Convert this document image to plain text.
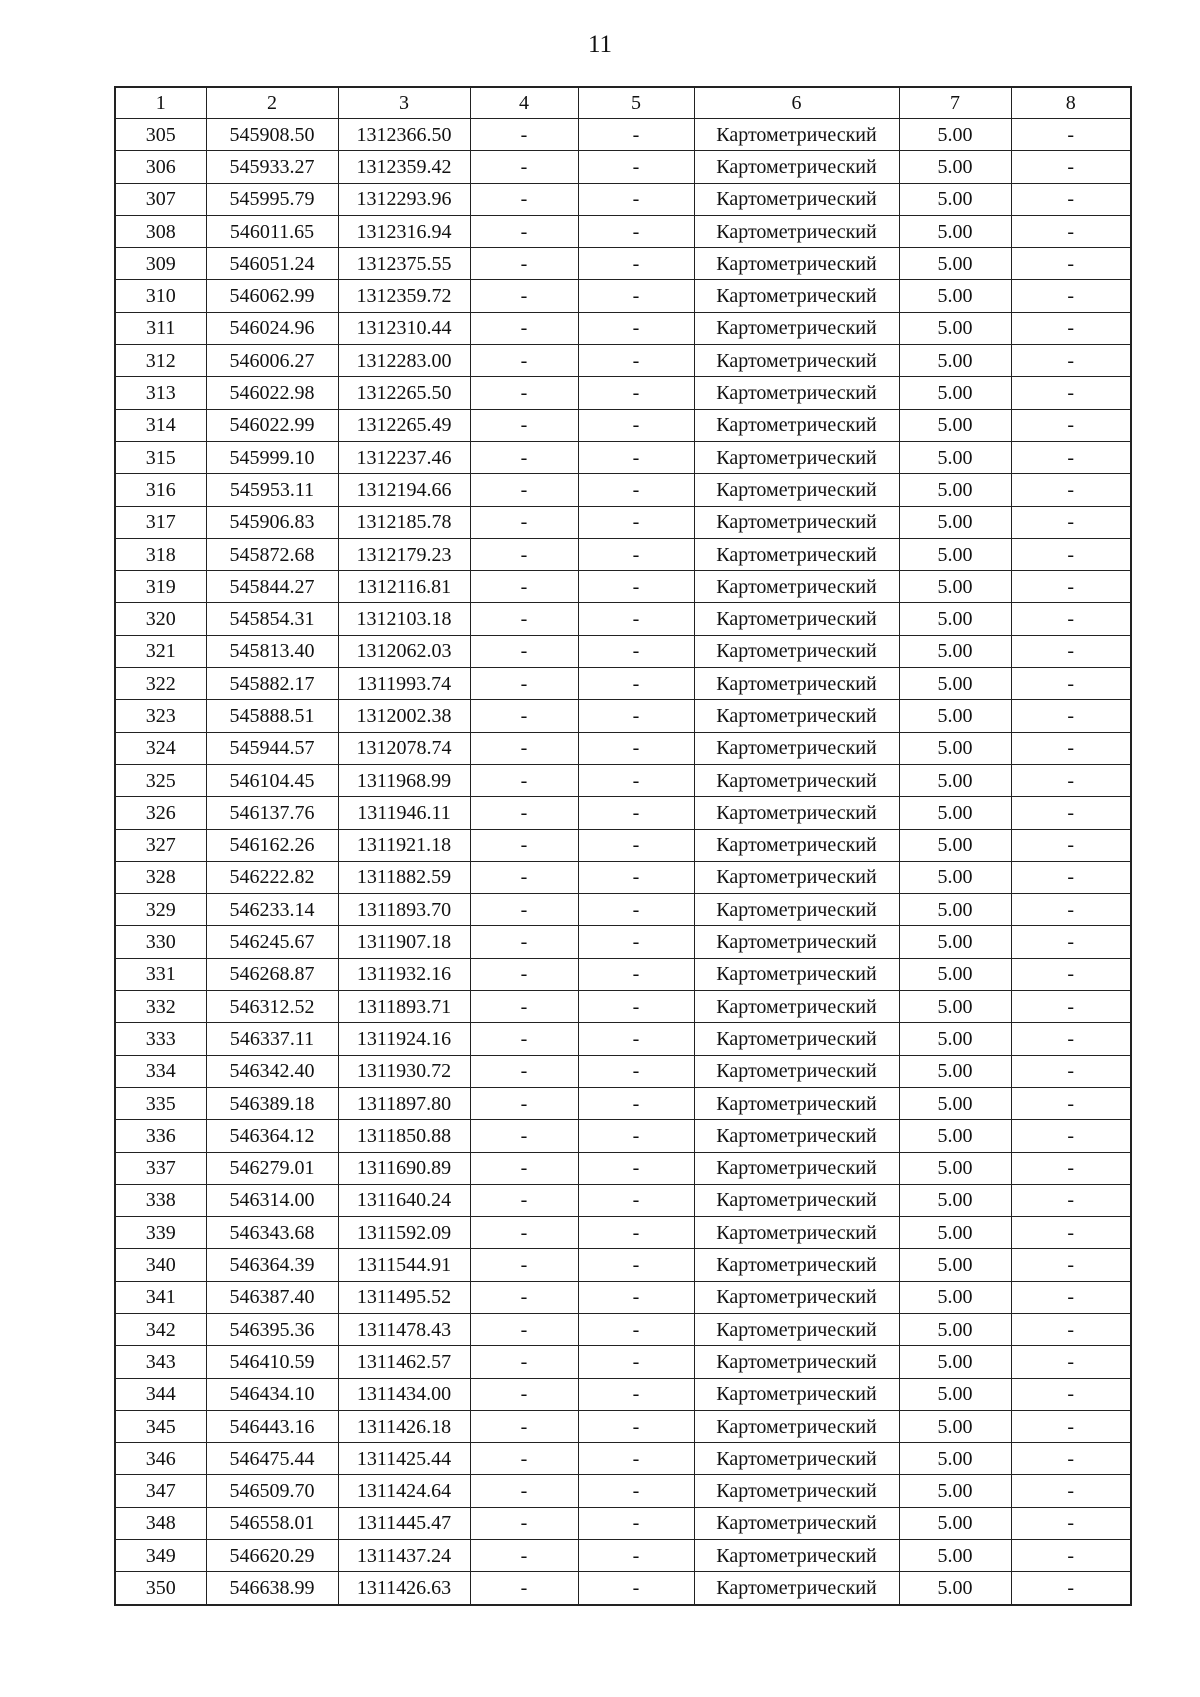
11
1	2	3	4	5	6	7	8
305	545908.50	1312366.50	-	-	Картометрический	5.00	-
306	545933.27	1312359.42	-	-	Картометрический	5.00	-
307	545995.79	1312293.96	-	-	Картометрический	5.00	-
308	546011.65	1312316.94	-	-	Картометрический	5.00	-
309	546051.24	1312375.55	-	-	Картометрический	5.00	-
310	546062.99	1312359.72	-	-	Картометрический	5.00	-
311	546024.96	1312310.44	-	-	Картометрический	5.00	-
312	546006.27	1312283.00	-	-	Картометрический	5.00	-
313	546022.98	1312265.50	-	-	Картометрический	5.00	-
314	546022.99	1312265.49	-	-	Картометрический	5.00	-
315	545999.10	1312237.46	-	-	Картометрический	5.00	-
316	545953.11	1312194.66	-	-	Картометрический	5.00	-
317	545906.83	1312185.78	-	-	Картометрический	5.00	-
318	545872.68	1312179.23	-	-	Картометрический	5.00	-
319	545844.27	1312116.81	-	-	Картометрический	5.00	-
320	545854.31	1312103.18	-	-	Картометрический	5.00	-
321	545813.40	1312062.03	-	-	Картометрический	5.00	-
322	545882.17	1311993.74	-	-	Картометрический	5.00	-
323	545888.51	1312002.38	-	-	Картометрический	5.00	-
324	545944.57	1312078.74	-	-	Картометрический	5.00	-
325	546104.45	1311968.99	-	-	Картометрический	5.00	-
326	546137.76	1311946.11	-	-	Картометрический	5.00	-
327	546162.26	1311921.18	-	-	Картометрический	5.00	-
328	546222.82	1311882.59	-	-	Картометрический	5.00	-
329	546233.14	1311893.70	-	-	Картометрический	5.00	-
330	546245.67	1311907.18	-	-	Картометрический	5.00	-
331	546268.87	1311932.16	-	-	Картометрический	5.00	-
332	546312.52	1311893.71	-	-	Картометрический	5.00	-
333	546337.11	1311924.16	-	-	Картометрический	5.00	-
334	546342.40	1311930.72	-	-	Картометрический	5.00	-
335	546389.18	1311897.80	-	-	Картометрический	5.00	-
336	546364.12	1311850.88	-	-	Картометрический	5.00	-
337	546279.01	1311690.89	-	-	Картометрический	5.00	-
338	546314.00	1311640.24	-	-	Картометрический	5.00	-
339	546343.68	1311592.09	-	-	Картометрический	5.00	-
340	546364.39	1311544.91	-	-	Картометрический	5.00	-
341	546387.40	1311495.52	-	-	Картометрический	5.00	-
342	546395.36	1311478.43	-	-	Картометрический	5.00	-
343	546410.59	1311462.57	-	-	Картометрический	5.00	-
344	546434.10	1311434.00	-	-	Картометрический	5.00	-
345	546443.16	1311426.18	-	-	Картометрический	5.00	-
346	546475.44	1311425.44	-	-	Картометрический	5.00	-
347	546509.70	1311424.64	-	-	Картометрический	5.00	-
348	546558.01	1311445.47	-	-	Картометрический	5.00	-
349	546620.29	1311437.24	-	-	Картометрический	5.00	-
350	546638.99	1311426.63	-	-	Картометрический	5.00	-
